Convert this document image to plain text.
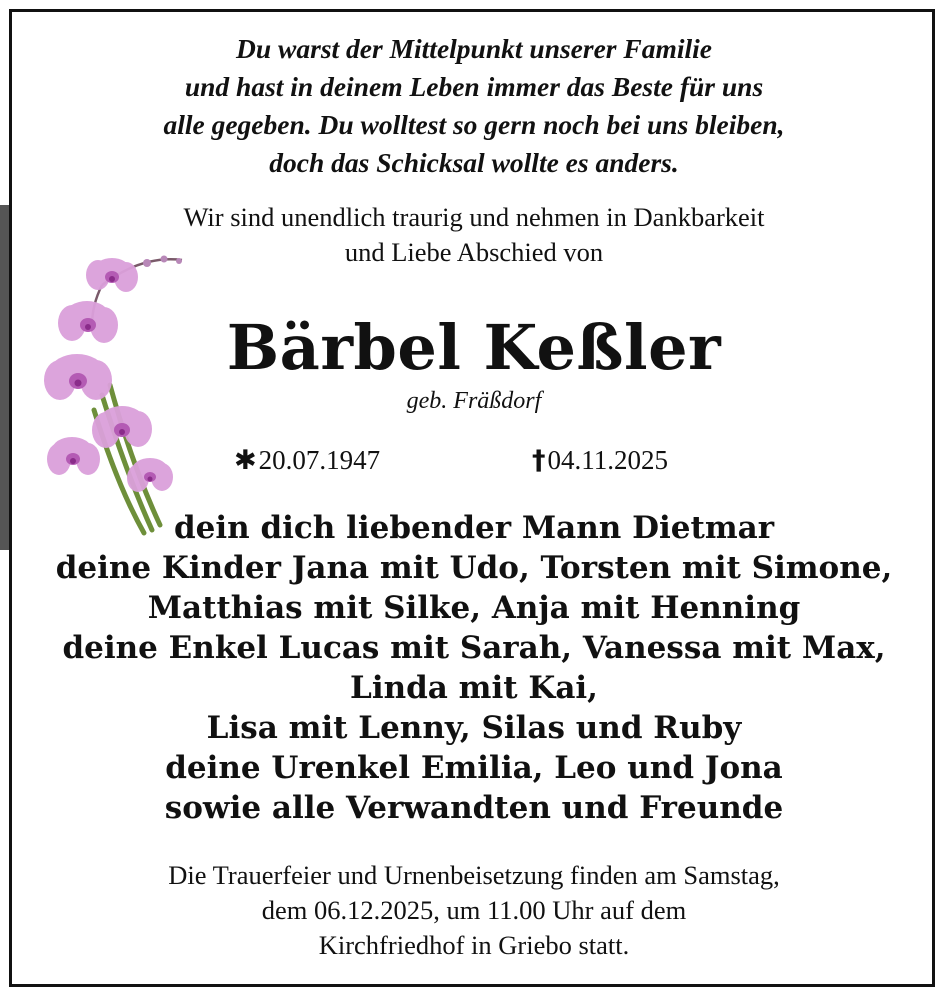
Du warst der Mittelpunkt unserer Familie
und hast in deinem Leben immer das Beste für uns
alle gegeben. Du wolltest so gern noch bei uns bleiben,
doch das Schicksal wollte es anders.
Wir sind unendlich traurig und nehmen in Dankbarkeit
und Liebe Abschied von
Bärbel Keßler
geb. Fräßdorf
✱20.07.1947	†04.11.2025
dein dich liebender Mann Dietmar
deine Kinder Jana mit Udo, Torsten mit Simone,
Matthias mit Silke, Anja mit Henning
deine Enkel Lucas mit Sarah, Vanessa mit Max,
Linda mit Kai,
Lisa mit Lenny, Silas und Ruby
deine Urenkel Emilia, Leo und Jona
sowie alle Verwandten und Freunde
Die Trauerfeier und Urnenbeisetzung finden am Samstag,
dem 06.12.2025, um 11.00 Uhr auf dem
Kirchfriedhof in Griebo statt.
